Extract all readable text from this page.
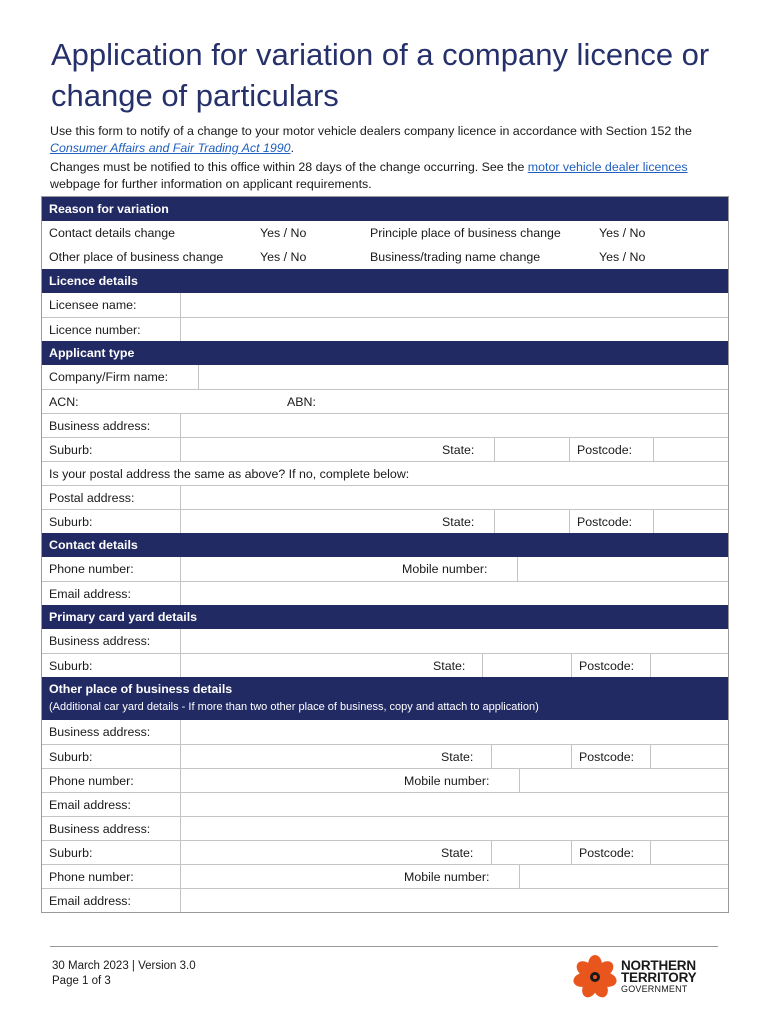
Application for variation of a company licence or change of particulars

Use this form to notify of a change to your motor vehicle dealers company licence in accordance with Section 152 the Consumer Affairs and Fair Trading Act 1990.

Changes must be notified to this office within 28 days of the change occurring. See the motor vehicle dealer licences webpage for further information on applicant requirements.

Reason for variation
Contact details change	Yes / No	Principle place of business change	Yes / No
Other place of business change	Yes / No	Business/trading name change	Yes / No
Licence details
Licensee name:
Licence number:
Applicant type
Company/Firm name:
ACN:	ABN:
Business address:
Suburb:	State:	Postcode:
Is your postal address the same as above? If no, complete below:
Postal address:
Suburb:	State:	Postcode:
Contact details
Phone number:	Mobile number:
Email address:
Primary card yard details
Business address:
Suburb:	State:	Postcode:
Other place of business details
(Additional car yard details - If more than two other place of business, copy and attach to application)
Business address:
Suburb:	State:	Postcode:
Phone number:	Mobile number:
Email address:
Business address:
Suburb:	State:	Postcode:
Phone number:	Mobile number:
Email address:
30 March 2023 | Version 3.0
Page 1 of 3
NORTHERN
TERRITORY
GOVERNMENT
